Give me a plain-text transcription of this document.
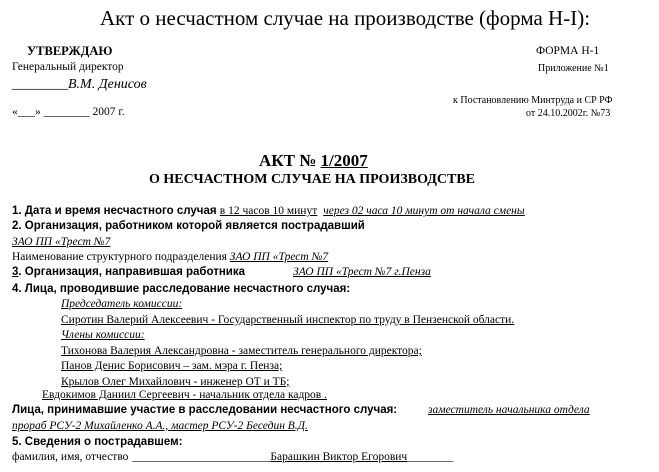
Акт о несчастном случае на производстве (форма Н-I):
УТВЕРЖДАЮ
Генеральный директор
________В.М. Денисов
«___» ________ 2007 г.
ФОРМА Н-1
Приложение №1
к Постановлению Минтруда и СР РФ
от 24.10.2002г. №73
АКТ № 1/2007
О НЕСЧАСТНОМ СЛУЧАЕ НА ПРОИЗВОДСТВЕ
1. Дата и время несчастного случая в 12 часов 10 минут через 02 часа 10 минут от начала смены
2. Организация, работником которой является пострадавший
ЗАО ПП «Трест №7
Наименование структурного подразделения ЗАО ПП «Трест №7
3. Организация, направившая работника	ЗАО ПП «Трест №7 г.Пенза
4. Лица, проводившие расследование несчастного случая:
Председатель комиссии:
Сиротин Валерий Алексеевич - Государственный инспектор по труду в Пензенской области.
Члены комиссии:
Тихонова Валерия Александровна - заместитель генерального директора;
Панов Денис Борисович – зам. мэра г. Пенза;
Крылов Олег Михайлович - инженер ОТ и ТБ;
Евдокимов Даниил Сергеевич - начальник отдела кадров .
Лица, принимавшие участие в расследовании несчастного случая:	заместитель начальника отдела
прораб РСУ-2 Михайленко А.А., мастер РСУ-2 Беседин В.Д.
5. Сведения о пострадавшем:
фамилия, имя, отчество ________________________Барашкин Виктор Егорович________
